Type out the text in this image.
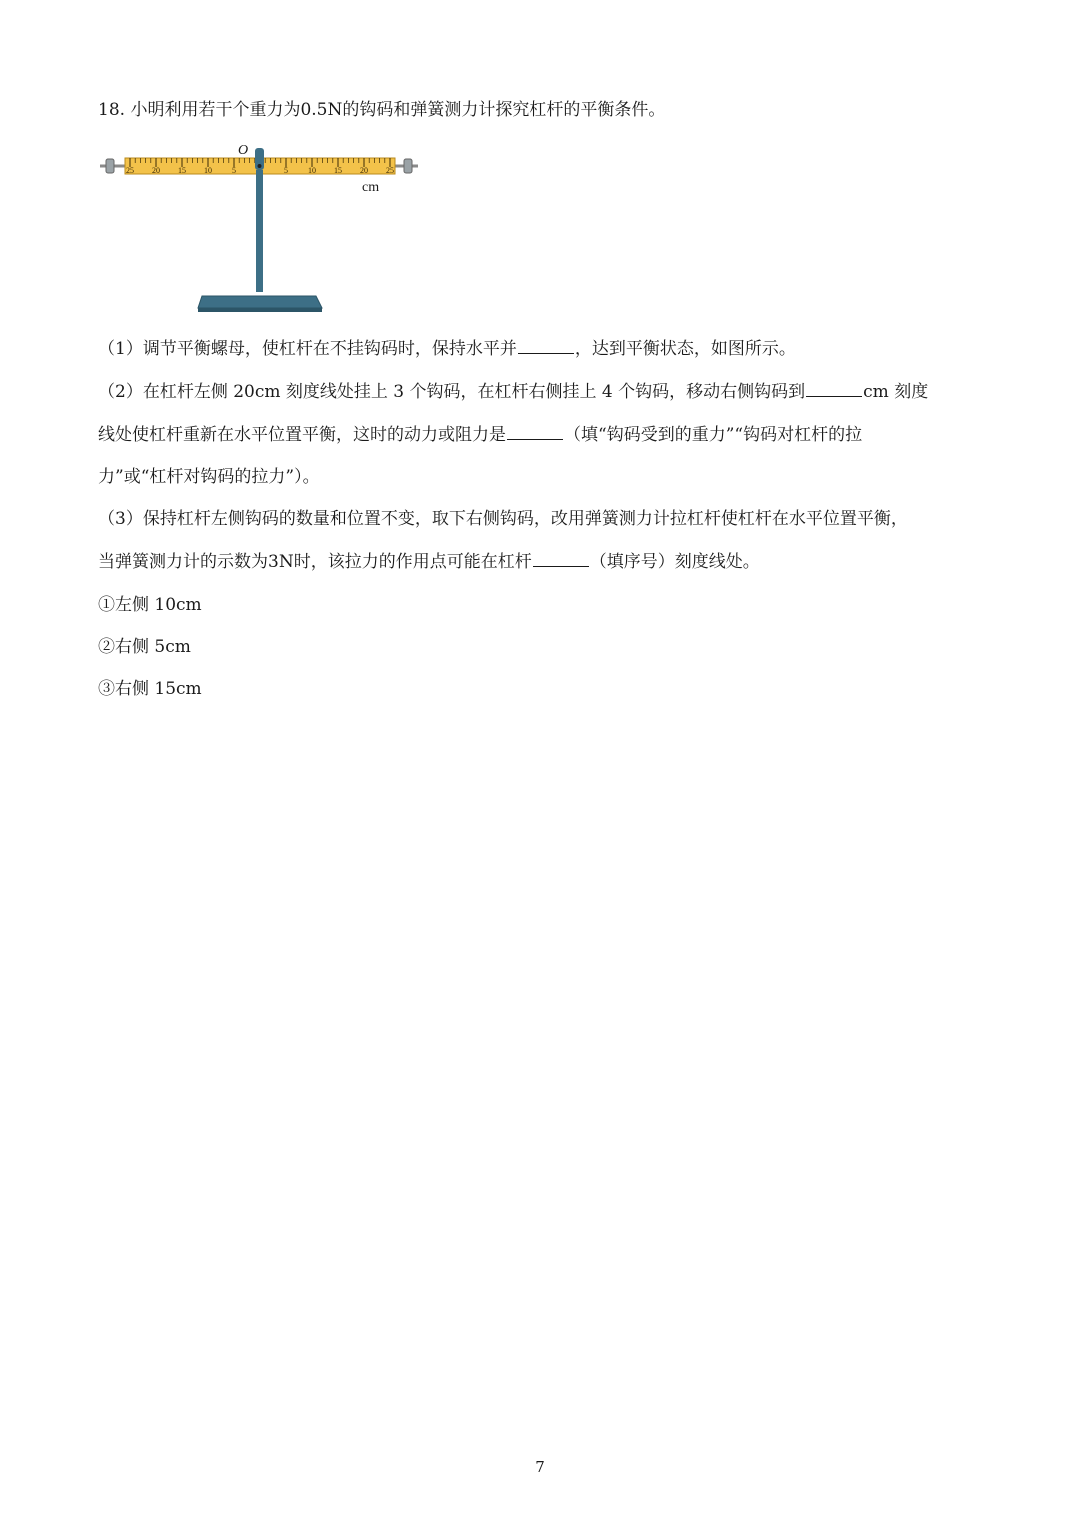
18. 小明利用若干个重力为0.5N的钩码和弹簧测力计探究杠杆的平衡条件。
25 20 15 10	5	5	10 15 20 25
O
cm
（1）调节平衡螺母，使杠杆在不挂钩码时，保持水平并	，达到平衡状态，如图所示。
（2）在杠杆左侧 20cm 刻度线处挂上 3 个钩码，在杠杆右侧挂上 4 个钩码，移动右侧钩码到	cm 刻度
线处使杠杆重新在水平位置平衡，这时的动力或阻力是	（填“钩码受到的重力”“钩码对杠杆的拉
力”或“杠杆对钩码的拉力”）。
（3）保持杠杆左侧钩码的数量和位置不变，取下右侧钩码，改用弹簧测力计拉杠杆使杠杆在水平位置平衡，
当弹簧测力计的示数为3N时，该拉力的作用点可能在杠杆	（填序号）刻度线处。
①左侧 10cm
②右侧 5cm
③右侧 15cm
7
